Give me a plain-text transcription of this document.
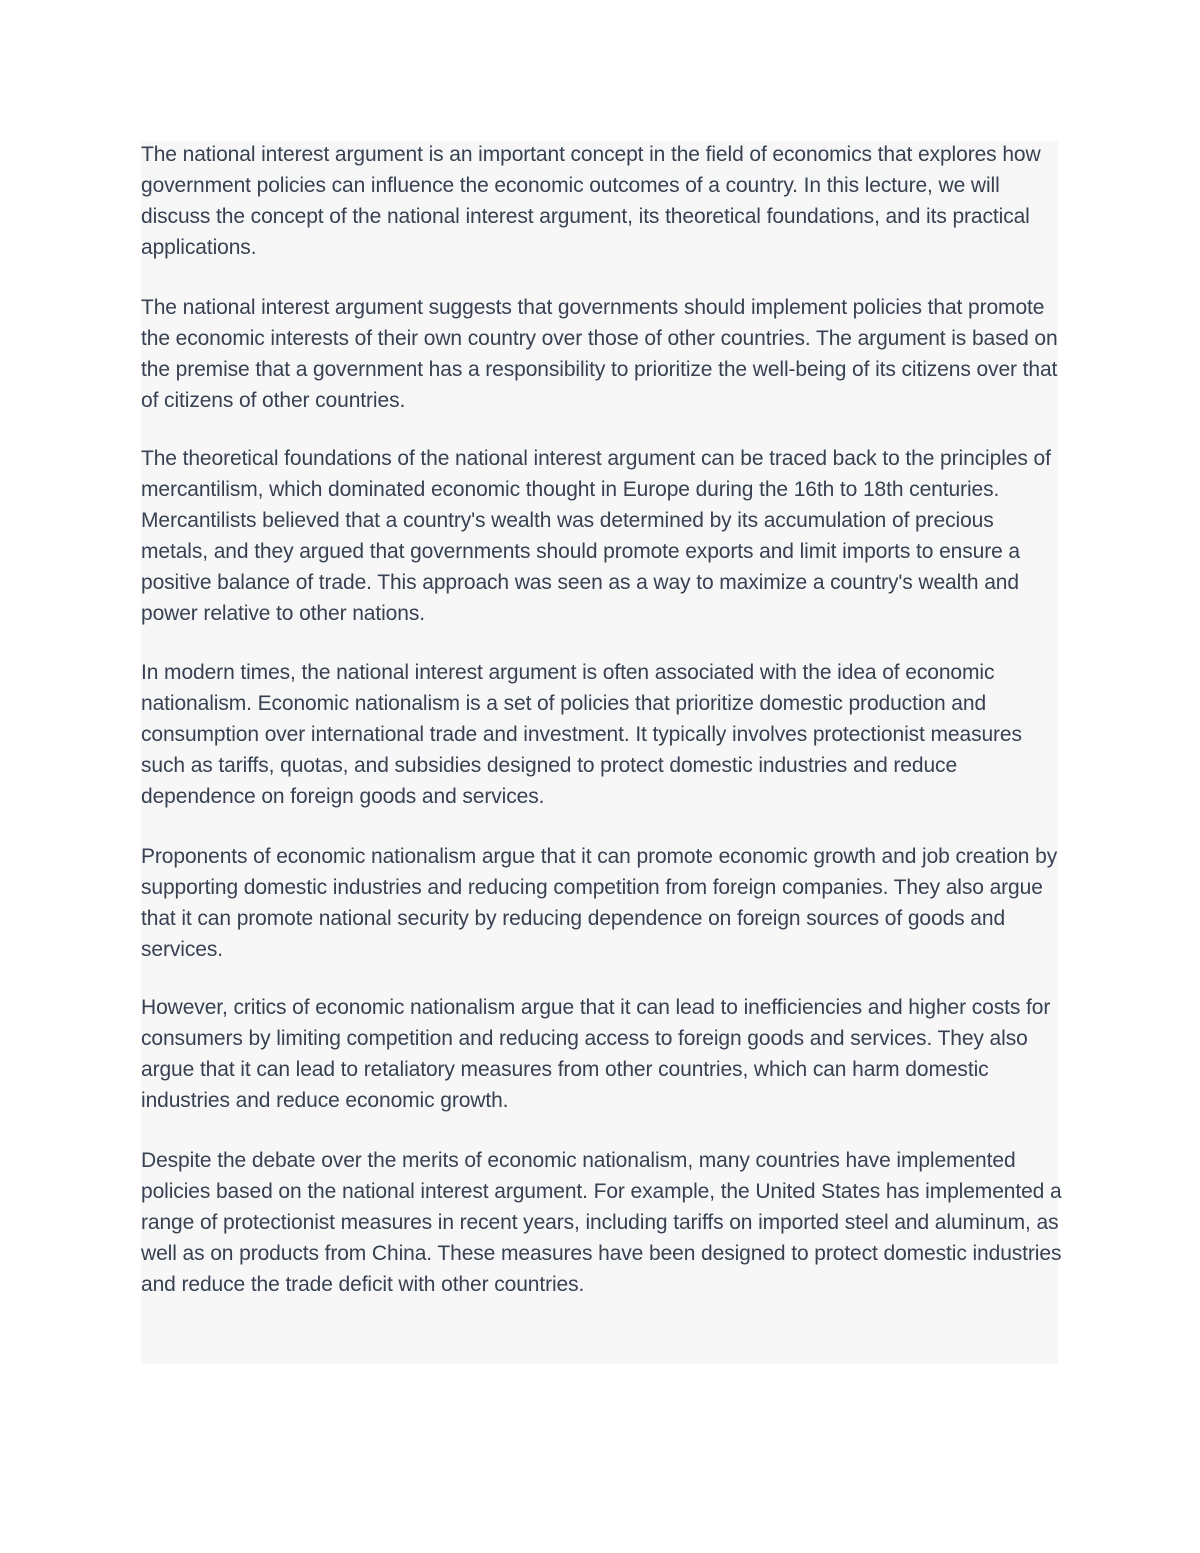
The national interest argument is an important concept in the field of economics that explores how government policies can influence the economic outcomes of a country. In this lecture, we will discuss the concept of the national interest argument, its theoretical foundations, and its practical applications.

The national interest argument suggests that governments should implement policies that promote the economic interests of their own country over those of other countries. The argument is based on the premise that a government has a responsibility to prioritize the well-being of its citizens over that of citizens of other countries.

The theoretical foundations of the national interest argument can be traced back to the principles of mercantilism, which dominated economic thought in Europe during the 16th to 18th centuries. Mercantilists believed that a country's wealth was determined by its accumulation of precious metals, and they argued that governments should promote exports and limit imports to ensure a positive balance of trade. This approach was seen as a way to maximize a country's wealth and power relative to other nations.

In modern times, the national interest argument is often associated with the idea of economic nationalism. Economic nationalism is a set of policies that prioritize domestic production and consumption over international trade and investment. It typically involves protectionist measures such as tariffs, quotas, and subsidies designed to protect domestic industries and reduce dependence on foreign goods and services.

Proponents of economic nationalism argue that it can promote economic growth and job creation by supporting domestic industries and reducing competition from foreign companies. They also argue that it can promote national security by reducing dependence on foreign sources of goods and services.

However, critics of economic nationalism argue that it can lead to inefficiencies and higher costs for consumers by limiting competition and reducing access to foreign goods and services. They also argue that it can lead to retaliatory measures from other countries, which can harm domestic industries and reduce economic growth.

Despite the debate over the merits of economic nationalism, many countries have implemented policies based on the national interest argument. For example, the United States has implemented a range of protectionist measures in recent years, including tariffs on imported steel and aluminum, as well as on products from China. These measures have been designed to protect domestic industries and reduce the trade deficit with other countries.
